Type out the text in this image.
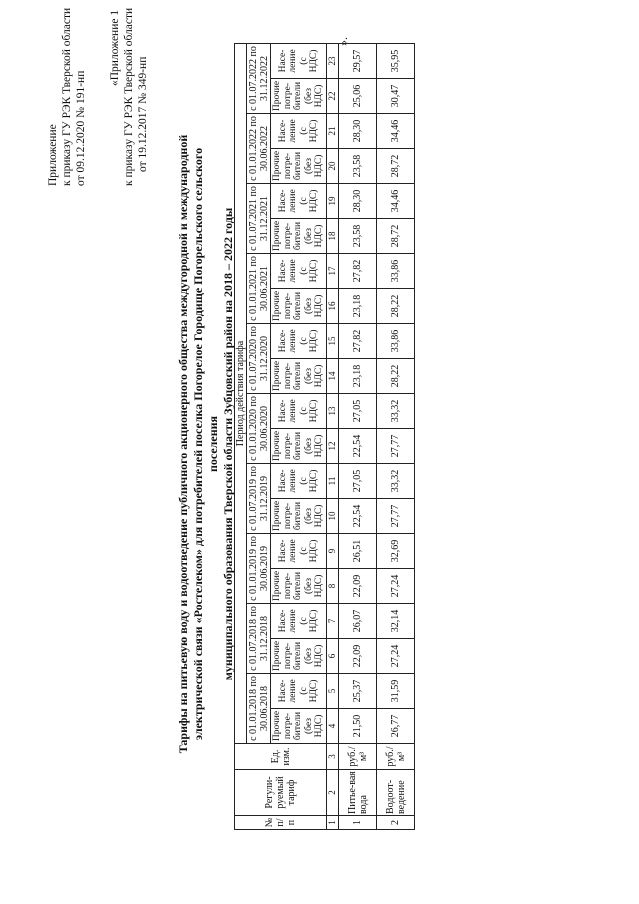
Приложение к приказу ГУ РЭК Тверской области от 09.12.2020 № 191-нп
«Приложение 1 к приказу ГУ РЭК Тверской области от 19.12.2017 № 349-нп
Тарифы на питьевую воду и водоотведение публичного акционерного общества междугородной и международной электрической связи «Ростелеком» для потребителей поселка Погорелое Городище Погорельского сельского поселения муниципального образования Тверской области Зубцовский район на 2018 – 2022 годы
№ п/п	Регули-руемый тариф	Ед. изм.	Период действия тарифа																			
			с 01.01.2018 по 30.06.2018		с 01.07.2018 по 31.12.2018		с 01.01.2019 по 30.06.2019		с 01.07.2019 по 31.12.2019		с 01.01.2020 по 30.06.2020		с 01.07.2020 по 31.12.2020		с 01.01.2021 по 30.06.2021		с 01.07.2021 по 31.12.2021		с 01.01.2022 по 30.06.2022		с 01.07.2022 по 31.12.2022	
			Прочие потре-бители (без НДС)	Насе-ление (с НДС)	Прочие потре-бители (без НДС)	Насе-ление (с НДС)	Прочие потре-бители (без НДС)	Насе-ление (с НДС)	Прочие потре-бители (без НДС)	Насе-ление (с НДС)	Прочие потре-бители (без НДС)	Насе-ление (с НДС)	Прочие потре-бители (без НДС)	Насе-ление (с НДС)	Прочие потре-бители (без НДС)	Насе-ление (с НДС)	Прочие потре-бители (без НДС)	Насе-ление (с НДС)	Прочие потре-бители (без НДС)	Насе-ление (с НДС)	Прочие потре-бители (без НДС)	Насе-ление (с НДС)
1	2	3	4	5	6	7	8	9	10	11	12	13	14	15	16	17	18	19	20	21	22	23
1	Питье-вая вода	руб./м³	21,50	25,37	22,09	26,07	22,09	26,51	22,54	27,05	22,54	27,05	23,18	27,82	23,18	27,82	23,58	28,30	23,58	28,30	25,06	29,57
2	Водоот-ведение	руб./м³	26,77	31,59	27,24	32,14	27,24	32,69	27,77	33,32	27,77	33,32	28,22	33,86	28,22	33,86	28,72	34,46	28,72	34,46	30,47	35,95
».
